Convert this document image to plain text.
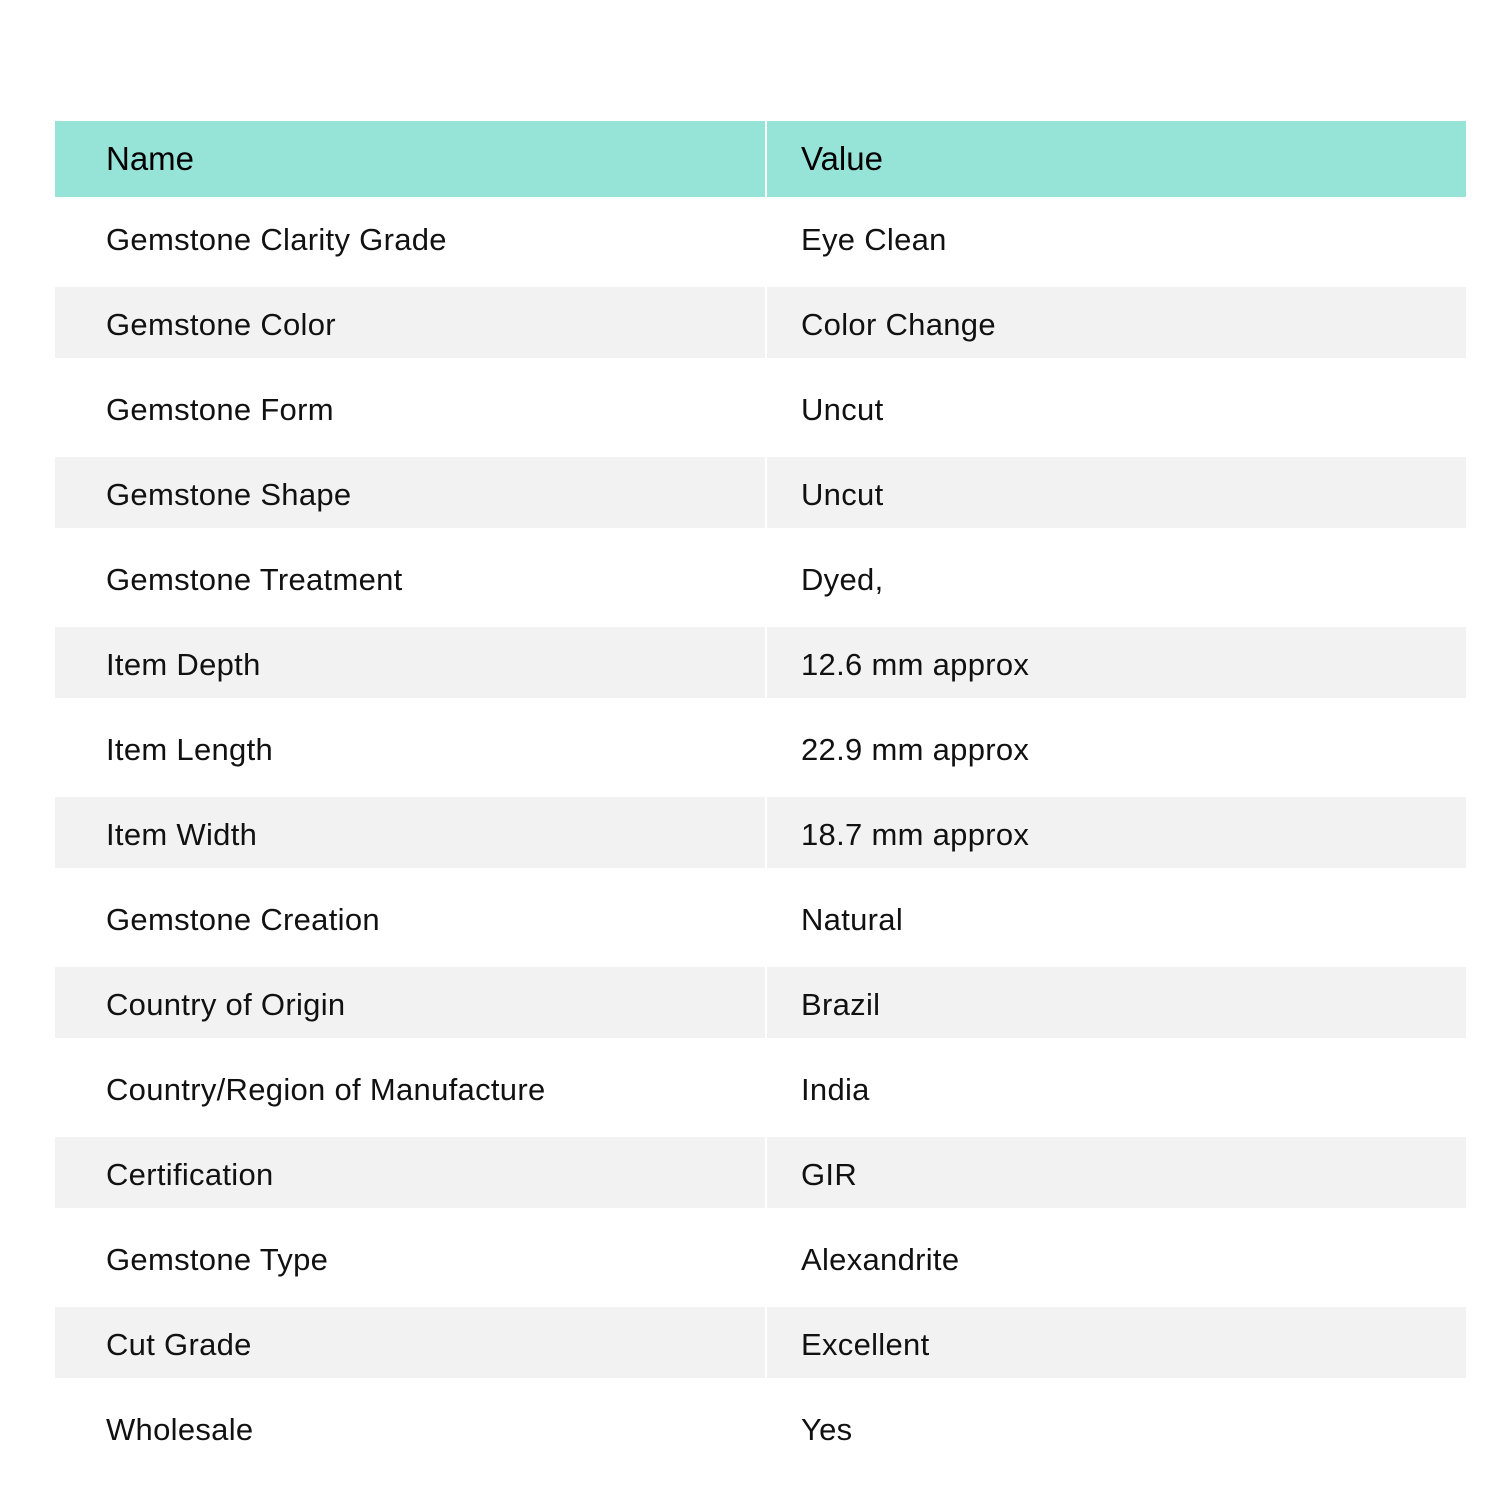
Name	Value
Gemstone Clarity Grade	Eye Clean
Gemstone Color	Color Change
Gemstone Form	Uncut
Gemstone Shape	Uncut
Gemstone Treatment	Dyed,
Item Depth	12.6 mm approx
Item Length	22.9 mm approx
Item Width	18.7 mm approx
Gemstone Creation	Natural
Country of Origin	Brazil
Country/Region of Manufacture	India
Certification	GIR
Gemstone Type	Alexandrite
Cut Grade	Excellent
Wholesale	Yes
